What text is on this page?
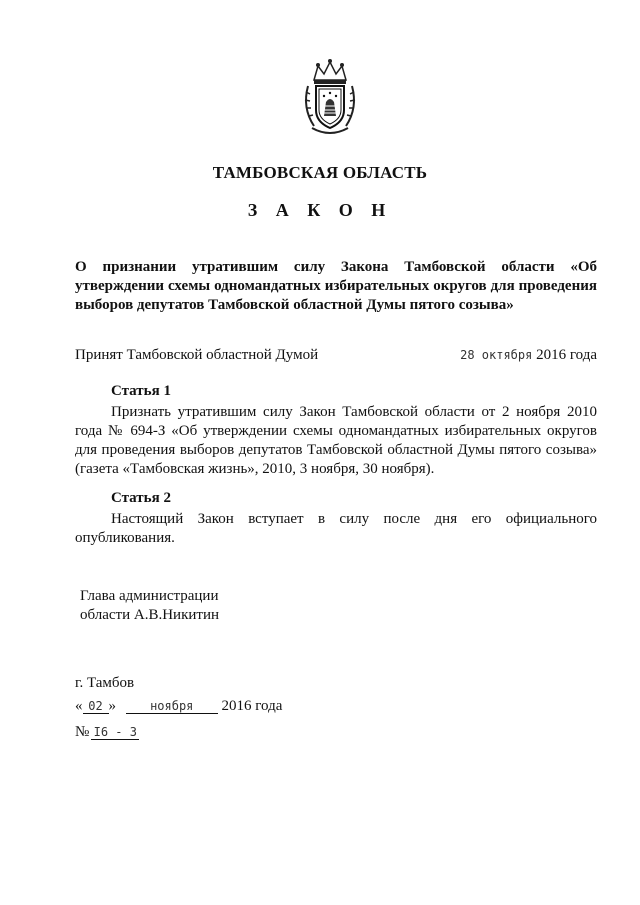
ТАМБОВСКАЯ ОБЛАСТЬ
З А К О Н
О признании утратившим силу Закона Тамбовской области «Об утверждении схемы одномандатных избирательных округов для проведения выборов депутатов Тамбовской областной Думы пятого созыва»
Принят Тамбовской областной Думой	28 октября 2016 года
Статья 1
Признать утратившим силу Закон Тамбовской области от 2 ноября 2010 года № 694-З «Об утверждении схемы одномандатных избирательных округов для проведения выборов депутатов Тамбовской областной Думы пятого созыва» (газета «Тамбовская жизнь», 2010, 3 ноября, 30 ноября).
Статья 2
Настоящий Закон вступает в силу после дня его официального опубликования.
Глава администрации
области А.В.Никитин
г. Тамбов
« 02 »	ноября 2016 года
№ I6 - З
